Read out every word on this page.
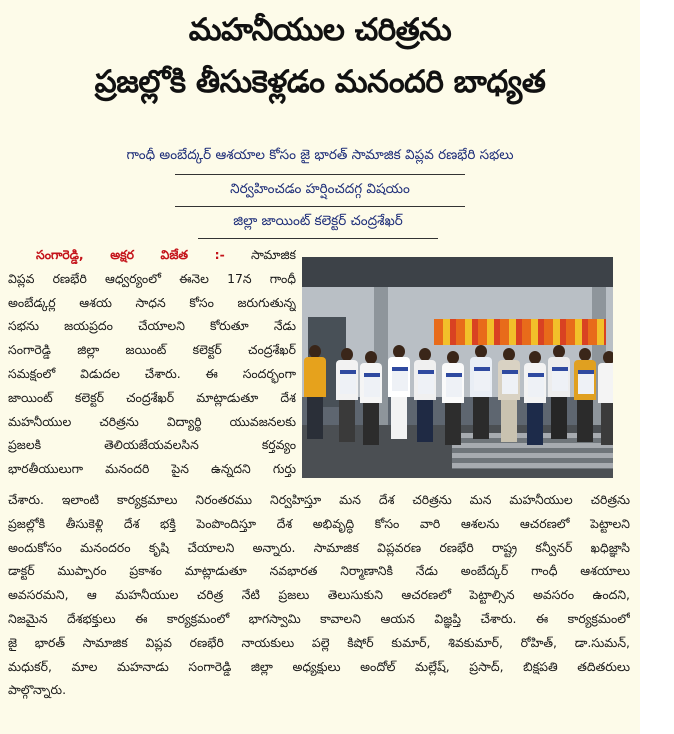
మహనీయుల చరిత్రను
ప్రజల్లోకి తీసుకెళ్లడం మనందరి బాధ్యత
గాంధీ అంబేద్కర్ ఆశయాల కోసం జై భారత్ సామాజిక విప్లవ రణభేరి సభలు
నిర్వహించడం హర్షించదగ్గ విషయం
జిల్లా జాయింట్ కలెక్టర్ చంద్రశేఖర్
సంగారెడ్డి, అక్షర విజేత :- సామాజిక
విప్లవ రణభేరి ఆధ్వర్యంలో ఈనెల 17న గాంధీ
అంబేడ్కర్ల ఆశయ సాధన కోసం జరుగుతున్న
సభను జయప్రదం చేయాలని కోరుతూ నేడు
సంగారెడ్డి జిల్లా జయింట్ కలెక్టర్ చంద్రశేఖర్
సమక్షంలో విడుదల చేశారు. ఈ సందర్భంగా
జాయింట్ కలెక్టర్ చంద్రశేఖర్ మాట్లాడుతూ దేశ
మహనీయుల చరిత్రను విద్యార్థి యువజనలకు
ప్రజలకి తెలియజేయవలసిన కర్తవ్యం
భారతీయులుగా మనందరి పైన ఉన్నదని గుర్తు
చేశారు. ఇలాంటి కార్యక్రమాలు నిరంతరము నిర్వహిస్తూ మన దేశ చరిత్రను మన మహనీయుల చరిత్రను
ప్రజల్లోకి తీసుకెళ్లి దేశ భక్తి పెంపొందిస్తూ దేశ అభివృద్ధి కోసం వారి ఆశలను ఆచరణలో పెట్టాలని
అందుకోసం మనందరం కృషి చేయాలని అన్నారు. సామాజిక విప్లవరణ రణభేరి రాష్ట్ర కన్వీనర్ ఖధిజ్ఞాసి
డాక్టర్ ముప్పారం ప్రకాశం మాట్లాడుతూ నవభారత నిర్మాణానికి నేడు అంబేద్కర్ గాంధీ ఆశయాలు
అవసరమని, ఆ మహనీయుల చరిత్ర నేటి ప్రజలు తెలుసుకుని ఆచరణలో పెట్టాల్సిన అవసరం ఉందని,
నిజమైన దేశభక్తులు ఈ కార్యక్రమంలో భాగస్వామి కావాలని ఆయన విజ్ఞప్తి చేశారు. ఈ కార్యక్రమంలో
జై భారత్ సామాజిక విప్లవ రణభేరి నాయకులు పల్లె కిషోర్ కుమార్, శివకుమార్, రోహిత్, డా.సుమన్,
మధుకర్, మాల మహనాడు సంగారెడ్డి జిల్లా అధ్యక్షులు అందోల్ మల్లేష్, ప్రసాద్, బిక్షపతి తదితరులు
పాల్గొన్నారు.
